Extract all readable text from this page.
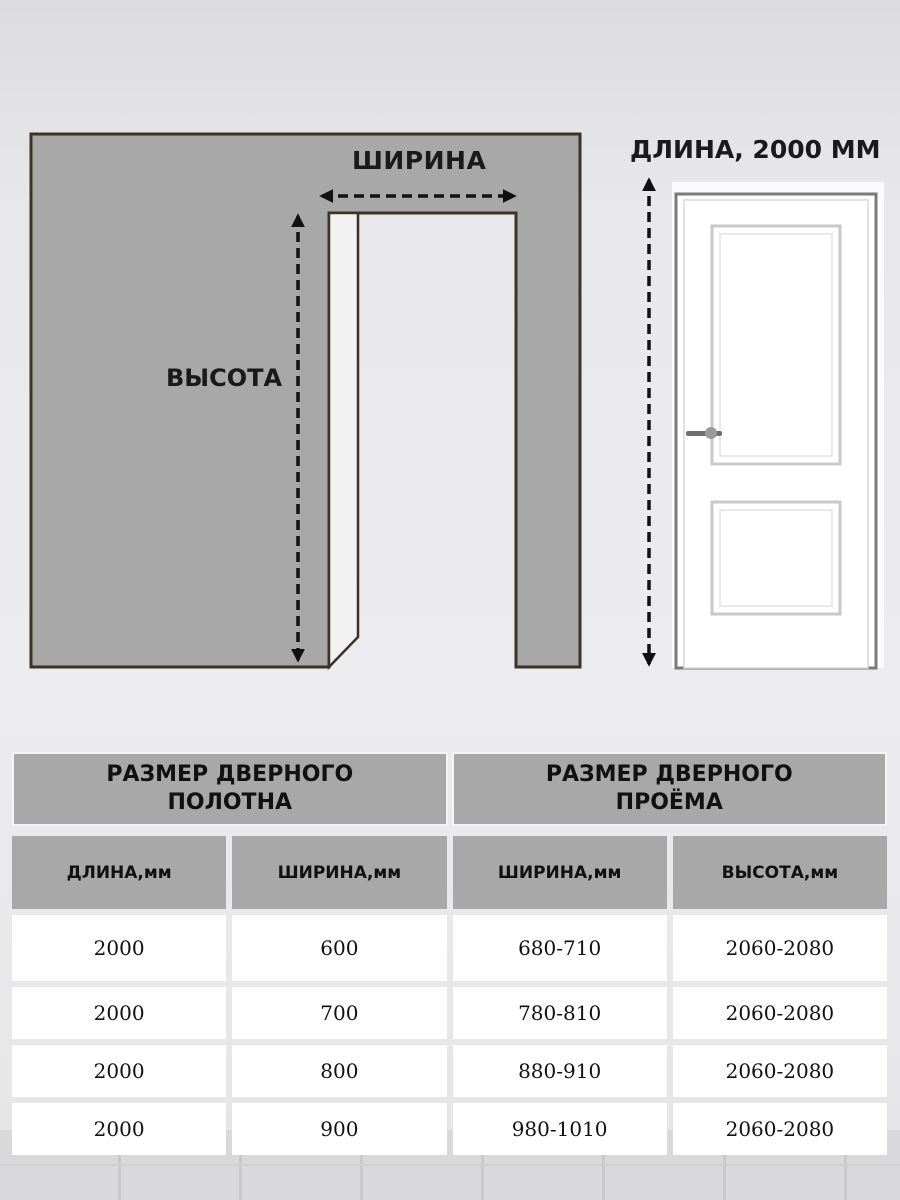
ШИРИНА
ВЫСОТА
ДЛИНА, 2000 ММ
РАЗМЕР ДВЕРНОГО
ПОЛОТНА
РАЗМЕР ДВЕРНОГО
ПРОЁМА
ДЛИНА,мм	ШИРИНА,мм	ШИРИНА,мм	ВЫСОТА,мм
2000	600	680-710	2060-2080
2000	700	780-810	2060-2080
2000	800	880-910	2060-2080
2000	900	980-1010	2060-2080
